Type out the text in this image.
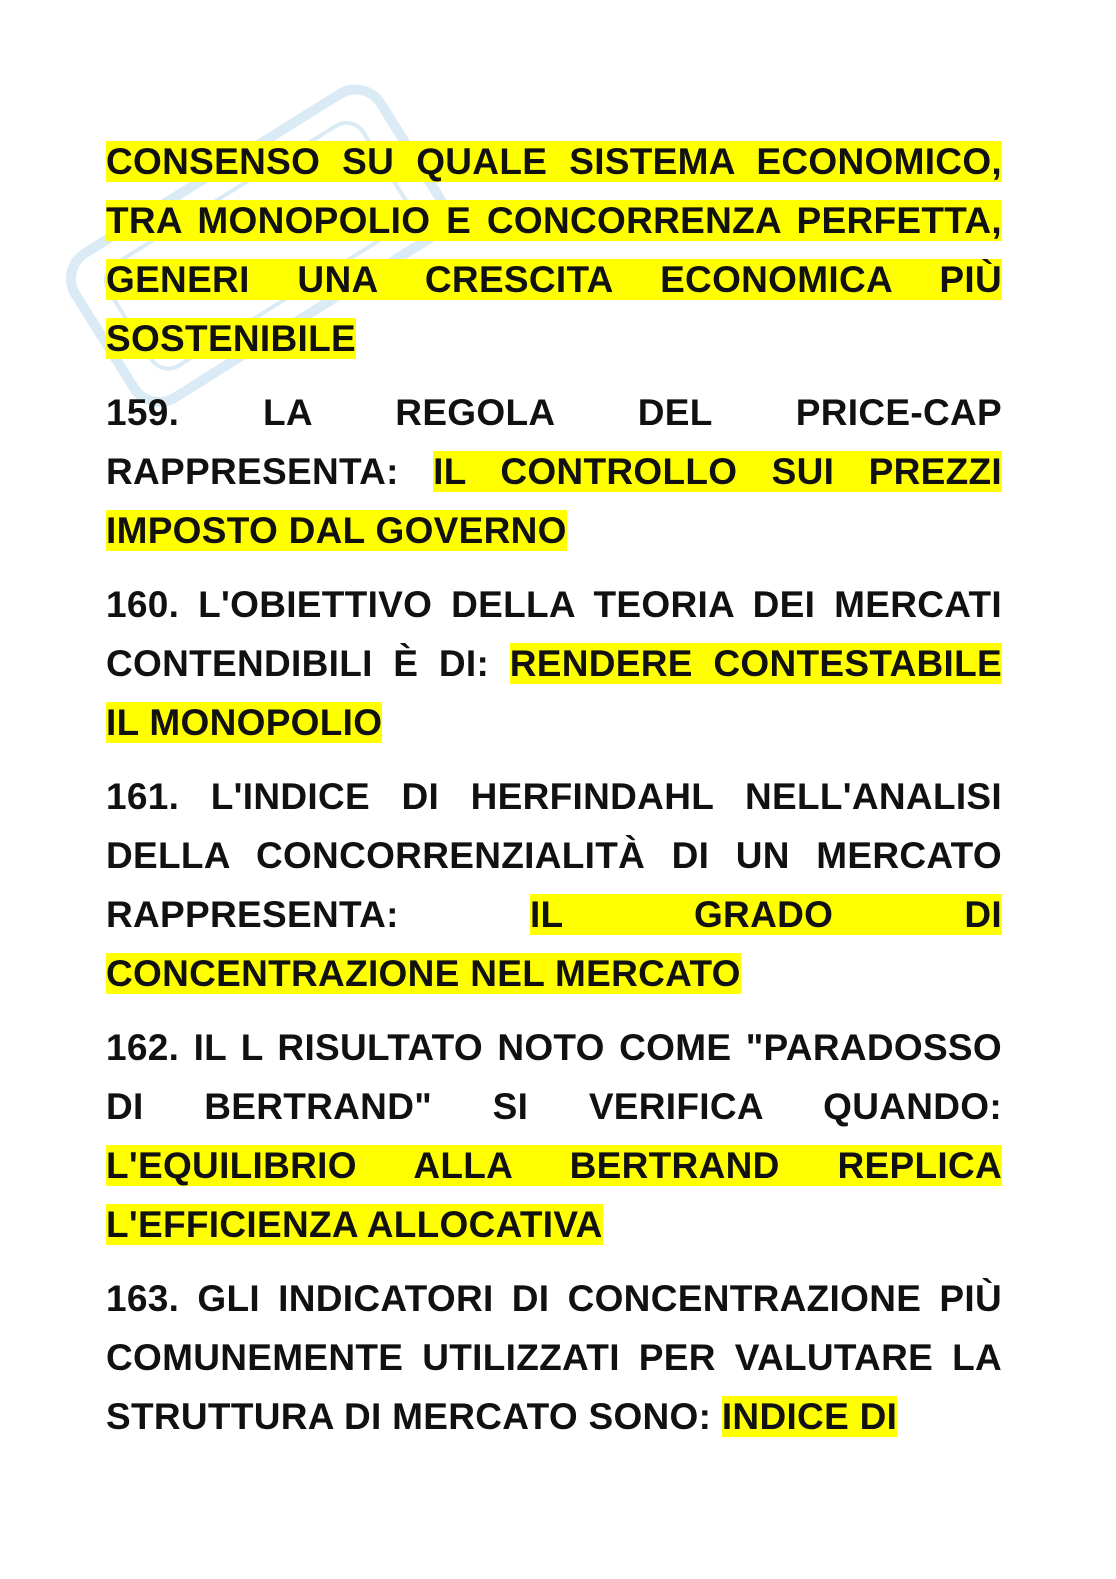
CONSENSO SU QUALE SISTEMA ECONOMICO, TRA MONOPOLIO E CONCORRENZA PERFETTA, GENERI UNA CRESCITA ECONOMICA PIÙ SOSTENIBILE

159. LA REGOLA DEL PRICE-CAP RAPPRESENTA: IL CONTROLLO SUI PREZZI IMPOSTO DAL GOVERNO

160. L'OBIETTIVO DELLA TEORIA DEI MERCATI CONTENDIBILI È DI: RENDERE CONTESTABILE IL MONOPOLIO

161. L'INDICE DI HERFINDAHL NELL'ANALISI DELLA CONCORRENZIALITÀ DI UN MERCATO RAPPRESENTA: IL GRADO DI CONCENTRAZIONE NEL MERCATO

162. IL L RISULTATO NOTO COME "PARADOSSO DI BERTRAND" SI VERIFICA QUANDO: L'EQUILIBRIO ALLA BERTRAND REPLICA L'EFFICIENZA ALLOCATIVA

163. GLI INDICATORI DI CONCENTRAZIONE PIÙ COMUNEMENTE UTILIZZATI PER VALUTARE LA STRUTTURA DI MERCATO SONO: INDICE DI
